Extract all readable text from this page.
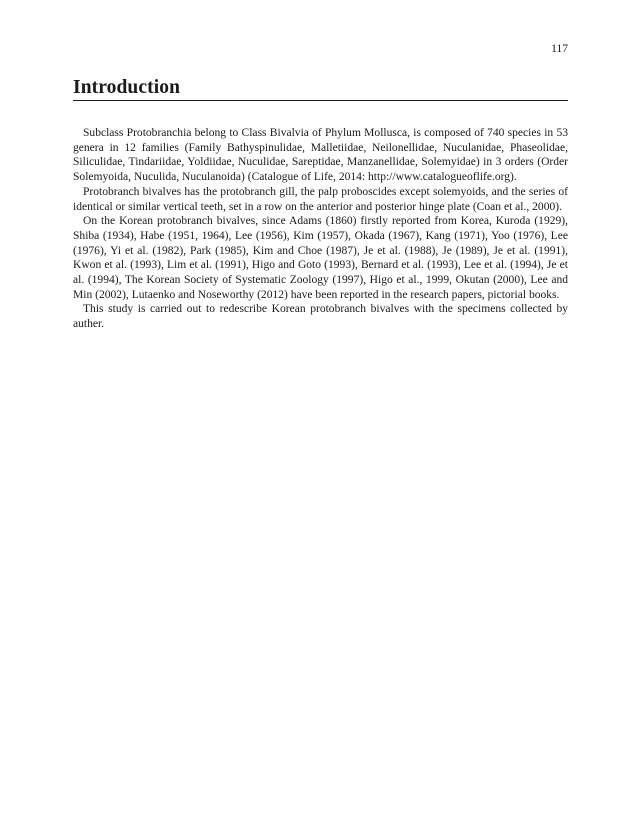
117
Introduction

Subclass Protobranchia belong to Class Bivalvia of Phylum Mollusca, is composed of 740 species in 53 genera in 12 families (Family Bathyspinulidae, Malletiidae, Neilonellidae, Nuculanidae, Phaseolidae, Siliculidae, Tindariidae, Yoldiidae, Nuculidae, Sareptidae, Manzanellidae, Solemyidae) in 3 orders (Order Solemyoida, Nuculida, Nuculanoida) (Catalogue of Life, 2014: http://www.catalogueoflife.org).

Protobranch bivalves has the protobranch gill, the palp proboscides except solemyoids, and the series of identical or similar vertical teeth, set in a row on the anterior and posterior hinge plate (Coan et al., 2000).

On the Korean protobranch bivalves, since Adams (1860) firstly reported from Korea, Kuroda (1929), Shiba (1934), Habe (1951, 1964), Lee (1956), Kim (1957), Okada (1967), Kang (1971), Yoo (1976), Lee (1976), Yi et al. (1982), Park (1985), Kim and Choe (1987), Je et al. (1988), Je (1989), Je et al. (1991), Kwon et al. (1993), Lim et al. (1991), Higo and Goto (1993), Bernard et al. (1993), Lee et al. (1994), Je et al. (1994), The Korean Society of Systematic Zoology (1997), Higo et al., 1999, Okutan (2000), Lee and Min (2002), Lutaenko and Noseworthy (2012) have been reported in the research papers, pictorial books.

This study is carried out to redescribe Korean protobranch bivalves with the specimens collected by auther.
